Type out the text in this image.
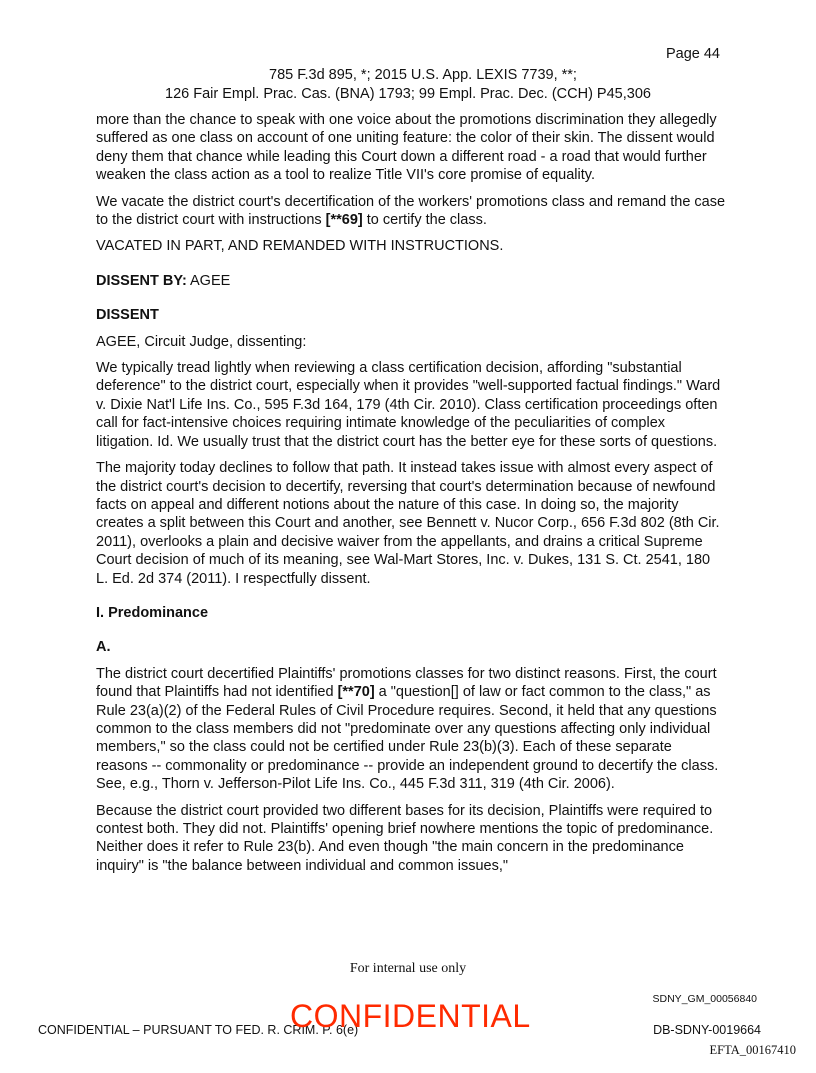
Page 44
785 F.3d 895, *; 2015 U.S. App. LEXIS 7739, **;
126 Fair Empl. Prac. Cas. (BNA) 1793; 99 Empl. Prac. Dec. (CCH) P45,306

more than the chance to speak with one voice about the promotions discrimination they allegedly suffered as one class on account of one uniting feature: the color of their skin. The dissent would deny them that chance while leading this Court down a different road - a road that would further weaken the class action as a tool to realize Title VII's core promise of equality.

We vacate the district court's decertification of the workers' promotions class and remand the case to the district court with instructions [**69] to certify the class.

VACATED IN PART, AND REMANDED WITH INSTRUCTIONS.

DISSENT BY: AGEE

DISSENT

AGEE, Circuit Judge, dissenting:

We typically tread lightly when reviewing a class certification decision, affording "substantial deference" to the district court, especially when it provides "well-supported factual findings." Ward v. Dixie Nat'l Life Ins. Co., 595 F.3d 164, 179 (4th Cir. 2010). Class certification proceedings often call for fact-intensive choices requiring intimate knowledge of the peculiarities of complex litigation. Id. We usually trust that the district court has the better eye for these sorts of questions.

The majority today declines to follow that path. It instead takes issue with almost every aspect of the district court's decision to decertify, reversing that court's determination because of newfound facts on appeal and different notions about the nature of this case. In doing so, the majority creates a split between this Court and another, see Bennett v. Nucor Corp., 656 F.3d 802 (8th Cir. 2011), overlooks a plain and decisive waiver from the appellants, and drains a critical Supreme Court decision of much of its meaning, see Wal-Mart Stores, Inc. v. Dukes, 131 S. Ct. 2541, 180 L. Ed. 2d 374 (2011). I respectfully dissent.

I. Predominance

A.

The district court decertified Plaintiffs' promotions classes for two distinct reasons. First, the court found that Plaintiffs had not identified [**70] a "question[] of law or fact common to the class," as Rule 23(a)(2) of the Federal Rules of Civil Procedure requires. Second, it held that any questions common to the class members did not "predominate over any questions affecting only individual members," so the class could not be certified under Rule 23(b)(3). Each of these separate reasons -- commonality or predominance -- provide an independent ground to decertify the class. See, e.g., Thorn v. Jefferson-Pilot Life Ins. Co., 445 F.3d 311, 319 (4th Cir. 2006).

Because the district court provided two different bases for its decision, Plaintiffs were required to contest both. They did not. Plaintiffs' opening brief nowhere mentions the topic of predominance. Neither does it refer to Rule 23(b). And even though "the main concern in the predominance inquiry" is "the balance between individual and common issues,"

For internal use only
SDNY_GM_00056840
CONFIDENTIAL – PURSUANT TO FED. R. CRIM. P. 6(e)
CONFIDENTIAL	DB-SDNY-0019664
EFTA_00167410
